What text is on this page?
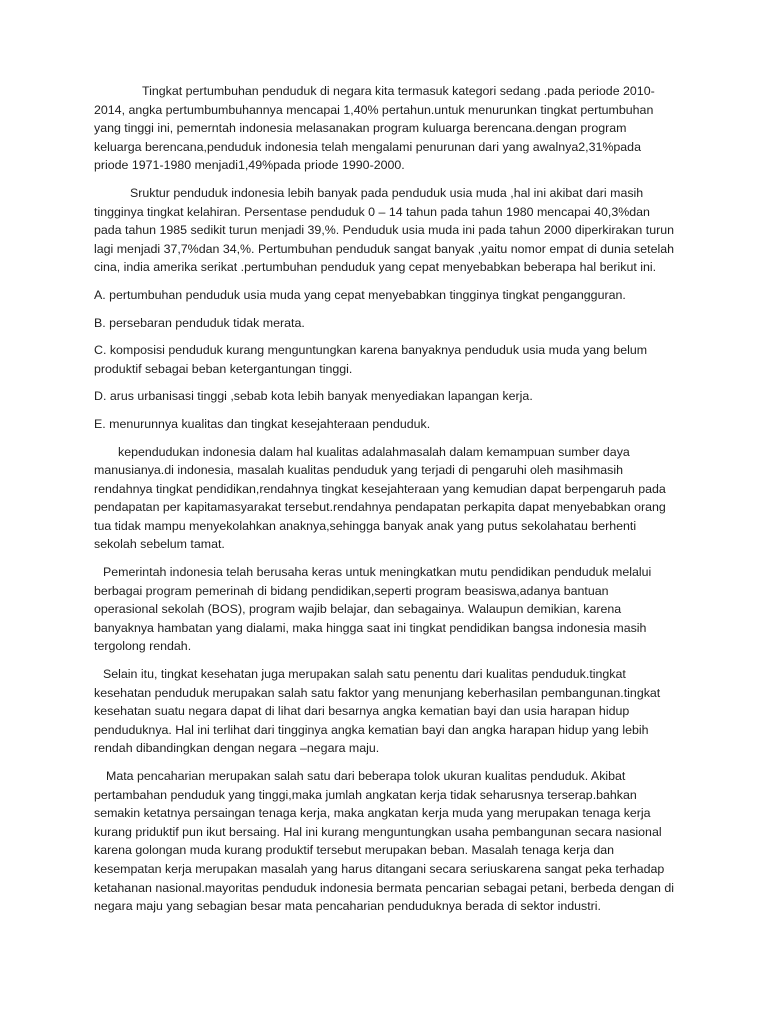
Tingkat pertumbuhan penduduk di negara kita termasuk kategori sedang .pada periode 2010-2014, angka pertumbumbuhannya mencapai 1,40% pertahun.untuk menurunkan tingkat pertumbuhan yang tinggi ini, pemerntah indonesia melasanakan program kuluarga berencana.dengan program keluarga berencana,penduduk indonesia telah mengalami penurunan dari yang awalnya2,31%pada priode 1971-1980 menjadi1,49%pada priode 1990-2000.

Sruktur penduduk indonesia lebih banyak pada penduduk usia muda ,hal ini akibat dari masih tingginya tingkat kelahiran. Persentase penduduk 0 – 14 tahun pada tahun 1980 mencapai 40,3%dan pada tahun 1985 sedikit turun menjadi 39,%. Penduduk usia muda ini pada tahun 2000 diperkirakan turun lagi menjadi 37,7%dan 34,%. Pertumbuhan penduduk sangat banyak ,yaitu nomor empat di dunia setelah cina, india amerika serikat .pertumbuhan penduduk yang cepat menyebabkan beberapa hal berikut ini.

A. pertumbuhan penduduk usia muda yang cepat menyebabkan tingginya tingkat pengangguran.

B. persebaran penduduk tidak merata.

C. komposisi penduduk kurang menguntungkan karena banyaknya penduduk usia muda yang belum produktif sebagai beban ketergantungan tinggi.

D. arus urbanisasi tinggi ,sebab kota lebih banyak menyediakan lapangan kerja.

E. menurunnya kualitas dan tingkat kesejahteraan penduduk.

kependudukan indonesia dalam hal kualitas adalahmasalah dalam kemampuan sumber daya manusianya.di indonesia, masalah kualitas penduduk yang terjadi di pengaruhi oleh masihmasih rendahnya tingkat pendidikan,rendahnya tingkat kesejahteraan yang kemudian dapat berpengaruh pada pendapatan per kapitamasyarakat tersebut.rendahnya pendapatan perkapita dapat menyebabkan orang tua tidak mampu menyekolahkan anaknya,sehingga banyak anak yang putus sekolahatau berhenti sekolah sebelum tamat.

Pemerintah indonesia telah berusaha keras untuk meningkatkan mutu pendidikan penduduk melalui berbagai program pemerinah di bidang pendidikan,seperti program beasiswa,adanya bantuan operasional sekolah (BOS), program wajib belajar, dan sebagainya. Walaupun demikian, karena banyaknya hambatan yang dialami, maka hingga saat ini tingkat pendidikan bangsa indonesia masih tergolong rendah.

Selain itu, tingkat kesehatan juga merupakan salah satu penentu dari kualitas penduduk.tingkat kesehatan penduduk merupakan salah satu faktor yang menunjang keberhasilan pembangunan.tingkat kesehatan suatu negara dapat di lihat dari besarnya angka kematian bayi dan usia harapan hidup penduduknya. Hal ini terlihat dari tingginya angka kematian bayi dan angka harapan hidup yang lebih rendah dibandingkan dengan negara –negara maju.

Mata pencaharian merupakan salah satu dari beberapa tolok ukuran kualitas penduduk. Akibat pertambahan penduduk yang tinggi,maka jumlah angkatan kerja tidak seharusnya terserap.bahkan semakin ketatnya persaingan tenaga kerja, maka angkatan kerja muda yang merupakan tenaga kerja kurang priduktif pun ikut bersaing. Hal ini kurang menguntungkan usaha pembangunan secara nasional karena golongan muda kurang produktif tersebut merupakan beban. Masalah tenaga kerja dan kesempatan kerja merupakan masalah yang harus ditangani secara seriuskarena sangat peka terhadap ketahanan nasional.mayoritas penduduk indonesia bermata pencarian sebagai petani, berbeda dengan di negara maju yang sebagian besar mata pencaharian penduduknya berada di sektor industri.
